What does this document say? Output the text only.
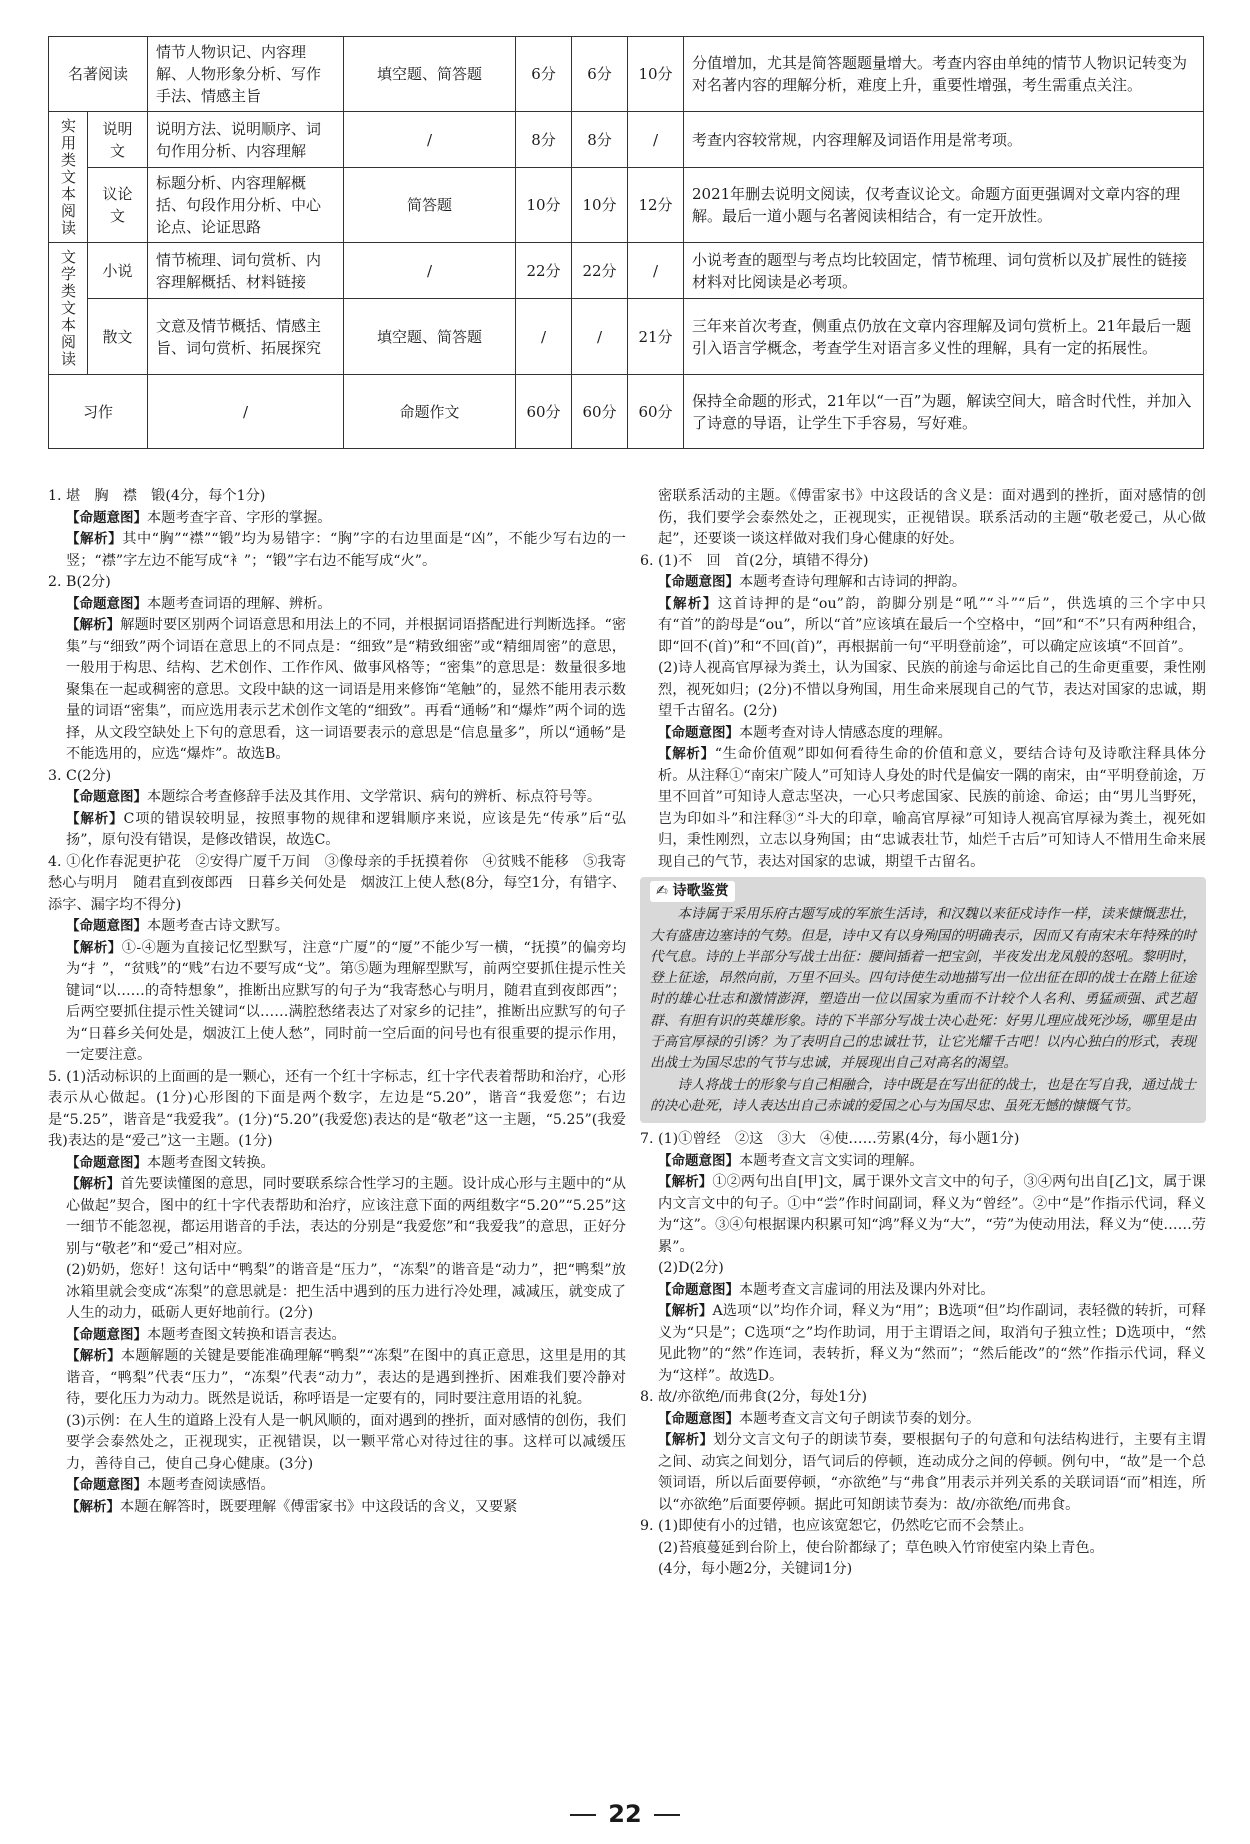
名著阅读		情节人物识记、内容理解、人物形象分析、写作手法、情感主旨	填空题、简答题	6分	6分	10分	分值增加，尤其是简答题题量增大。考查内容由单纯的情节人物识记转变为对名著内容的理解分析，难度上升，重要性增强，考生需重点关注。
实用类文本阅读	说明文	说明方法、说明顺序、词句作用分析、内容理解	/	8分	8分	/	考查内容较常规，内容理解及词语作用是常考项。
	议论文	标题分析、内容理解概括、句段作用分析、中心论点、论证思路	简答题	10分	10分	12分	2021年删去说明文阅读，仅考查议论文。命题方面更强调对文章内容的理解。最后一道小题与名著阅读相结合，有一定开放性。
文学类文本阅读	小说	情节梳理、词句赏析、内容理解概括、材料链接	/	22分	22分	/	小说考查的题型与考点均比较固定，情节梳理、词句赏析以及扩展性的链接材料对比阅读是必考项。
	散文	文意及情节概括、情感主旨、词句赏析、拓展探究	填空题、简答题	/	/	21分	三年来首次考查，侧重点仍放在文章内容理解及词句赏析上。21年最后一题引入语言学概念，考查学生对语言多义性的理解，具有一定的拓展性。
习作		/	命题作文	60分	60分	60分	保持全命题的形式，21年以“一百”为题，解读空间大，暗含时代性，并加入了诗意的导语，让学生下手容易，写好难。

1. 堪　胸　襟　锻(4分，每个1分)

【命题意图】本题考查字音、字形的掌握。

【解析】其中“胸”“襟”“锻”均为易错字：“胸”字的右边里面是“凶”，不能少写右边的一竖；“襟”字左边不能写成“衤”；“锻”字右边不能写成“火”。

2. B(2分)

【命题意图】本题考查词语的理解、辨析。

【解析】解题时要区别两个词语意思和用法上的不同，并根据词语搭配进行判断选择。“密集”与“细致”两个词语在意思上的不同点是：“细致”是“精致细密”或“精细周密”的意思，一般用于构思、结构、艺术创作、工作作风、做事风格等；“密集”的意思是：数量很多地聚集在一起或稠密的意思。文段中缺的这一词语是用来修饰“笔触”的，显然不能用表示数量的词语“密集”，而应选用表示艺术创作文笔的“细致”。再看“通畅”和“爆炸”两个词的选择，从文段空缺处上下句的意思看，这一词语要表示的意思是“信息量多”，所以“通畅”是不能选用的，应选“爆炸”。故选B。

3. C(2分)

【命题意图】本题综合考查修辞手法及其作用、文学常识、病句的辨析、标点符号等。

【解析】C项的错误较明显，按照事物的规律和逻辑顺序来说，应该是先“传承”后“弘扬”，原句没有错误，是修改错误，故选C。

4. ①化作春泥更护花　②安得广厦千万间　③像母亲的手抚摸着你　④贫贱不能移　⑤我寄愁心与明月　随君直到夜郎西　日暮乡关何处是　烟波江上使人愁(8分，每空1分，有错字、添字、漏字均不得分)

【命题意图】本题考查古诗文默写。

【解析】①-④题为直接记忆型默写，注意“广厦”的“厦”不能少写一横，“抚摸”的偏旁均为“扌”，“贫贱”的“贱”右边不要写成“戈”。第⑤题为理解型默写，前两空要抓住提示性关键词“以……的奇特想象”，推断出应默写的句子为“我寄愁心与明月，随君直到夜郎西”；后两空要抓住提示性关键词“以……满腔愁绪表达了对家乡的记挂”，推断出应默写的句子为“日暮乡关何处是，烟波江上使人愁”，同时前一空后面的问号也有很重要的提示作用，一定要注意。

5. (1)活动标识的上面画的是一颗心，还有一个红十字标志，红十字代表着帮助和治疗，心形表示从心做起。(1分)心形图的下面是两个数字，左边是“5.20”，谐音“我爱您”；右边是“5.25”，谐音是“我爱我”。(1分)“5.20”(我爱您)表达的是“敬老”这一主题，“5.25”(我爱我)表达的是“爱己”这一主题。(1分)

【命题意图】本题考查图文转换。

【解析】首先要读懂图的意思，同时要联系综合性学习的主题。设计成心形与主题中的“从心做起”契合，图中的红十字代表帮助和治疗，应该注意下面的两组数字“5.20”“5.25”这一细节不能忽视，都运用谐音的手法，表达的分别是“我爱您”和“我爱我”的意思，正好分别与“敬老”和“爱己”相对应。

(2)奶奶，您好！这句话中“鸭梨”的谐音是“压力”，“冻梨”的谐音是“动力”，把“鸭梨”放冰箱里就会变成“冻梨”的意思就是：把生活中遇到的压力进行冷处理，减减压，就变成了人生的动力，砥砺人更好地前行。(2分)

【命题意图】本题考查图文转换和语言表达。

【解析】本题解题的关键是要能准确理解“鸭梨”“冻梨”在图中的真正意思，这里是用的其谐音，“鸭梨”代表“压力”，“冻梨”代表“动力”，表达的是遇到挫折、困难我们要冷静对待，要化压力为动力。既然是说话，称呼语是一定要有的，同时要注意用语的礼貌。

(3)示例：在人生的道路上没有人是一帆风顺的，面对遇到的挫折，面对感情的创伤，我们要学会泰然处之，正视现实，正视错误，以一颗平常心对待过往的事。这样可以减缓压力，善待自己，使自己身心健康。(3分)

【命题意图】本题考查阅读感悟。

【解析】本题在解答时，既要理解《傅雷家书》中这段话的含义，又要紧

密联系活动的主题。《傅雷家书》中这段话的含义是：面对遇到的挫折，面对感情的创伤，我们要学会泰然处之，正视现实，正视错误。联系活动的主题“敬老爱己，从心做起”，还要谈一谈这样做对我们身心健康的好处。

6. (1)不　回　首(2分，填错不得分)

【命题意图】本题考查诗句理解和古诗词的押韵。

【解析】这首诗押的是“ou”韵，韵脚分别是“吼”“斗”“后”，供选填的三个字中只有“首”的韵母是“ou”，所以“首”应该填在最后一个空格中，“回”和“不”只有两种组合，即“回不(首)”和“不回(首)”，再根据前一句“平明登前途”，可以确定应该填“不回首”。

(2)诗人视高官厚禄为粪土，认为国家、民族的前途与命运比自己的生命更重要，秉性刚烈，视死如归；(2分)不惜以身殉国，用生命来展现自己的气节，表达对国家的忠诚，期望千古留名。(2分)

【命题意图】本题考查对诗人情感态度的理解。

【解析】“生命价值观”即如何看待生命的价值和意义，要结合诗句及诗歌注释具体分析。从注释①“南宋广陵人”可知诗人身处的时代是偏安一隅的南宋，由“平明登前途，万里不回首”可知诗人意志坚决，一心只考虑国家、民族的前途、命运；由“男儿当野死，岂为印如斗”和注释③“斗大的印章，喻高官厚禄”可知诗人视高官厚禄为粪土，视死如归，秉性刚烈，立志以身殉国；由“忠诚表壮节，灿烂千古后”可知诗人不惜用生命来展现自己的气节，表达对国家的忠诚，期望千古留名。

✍ 诗歌鉴赏

本诗属于采用乐府古题写成的军旅生活诗，和汉魏以来征戍诗作一样，读来慷慨悲壮，大有盛唐边塞诗的气势。但是，诗中又有以身殉国的明确表示，因而又有南宋末年特殊的时代气息。诗的上半部分写战士出征：腰间插着一把宝剑，半夜发出龙凤般的怒吼。黎明时，登上征途，昂然向前，万里不回头。四句诗使生动地描写出一位出征在即的战士在踏上征途时的雄心壮志和激情澎湃，塑造出一位以国家为重而不计较个人名利、勇猛顽强、武艺超群、有胆有识的英雄形象。诗的下半部分写战士决心赴死：好男儿理应战死沙场，哪里是由于高官厚禄的引诱？为了表明自己的忠诚壮节，让它光耀千古吧！以内心独白的形式，表现出战士为国尽忠的气节与忠诚，并展现出自己对高名的渴望。

诗人将战士的形象与自己相融合，诗中既是在写出征的战士，也是在写自我，通过战士的决心赴死，诗人表达出自己赤诚的爱国之心与为国尽忠、虽死无憾的慷慨气节。

7. (1)①曾经　②这　③大　④使……劳累(4分，每小题1分)

【命题意图】本题考查文言文实词的理解。

【解析】①②两句出自[甲]文，属于课外文言文中的句子，③④两句出自[乙]文，属于课内文言文中的句子。①中“尝”作时间副词，释义为“曾经”。②中“是”作指示代词，释义为“这”。③④句根据课内积累可知“鸿”释义为“大”，“劳”为使动用法，释义为“使……劳累”。

(2)D(2分)

【命题意图】本题考查文言虚词的用法及课内外对比。

【解析】A选项“以”均作介词，释义为“用”；B选项“但”均作副词，表轻微的转折，可释义为“只是”；C选项“之”均作助词，用于主谓语之间，取消句子独立性；D选项中，“然见此物”的“然”作连词，表转折，释义为“然而”；“然后能改”的“然”作指示代词，释义为“这样”。故选D。

8. 故/亦欲绝/而弗食(2分，每处1分)

【命题意图】本题考查文言文句子朗读节奏的划分。

【解析】划分文言文句子的朗读节奏，要根据句子的句意和句法结构进行，主要有主谓之间、动宾之间划分，语气词后的停顿，连动成分之间的停顿。例句中，“故”是一个总领词语，所以后面要停顿，“亦欲绝”与“弗食”用表示并列关系的关联词语“而”相连，所以“亦欲绝”后面要停顿。据此可知朗读节奏为：故/亦欲绝/而弗食。

9. (1)即使有小的过错，也应该宽恕它，仍然吃它而不会禁止。

(2)苔痕蔓延到台阶上，使台阶都绿了；草色映入竹帘使室内染上青色。

(4分，每小题2分，关键词1分)

22
